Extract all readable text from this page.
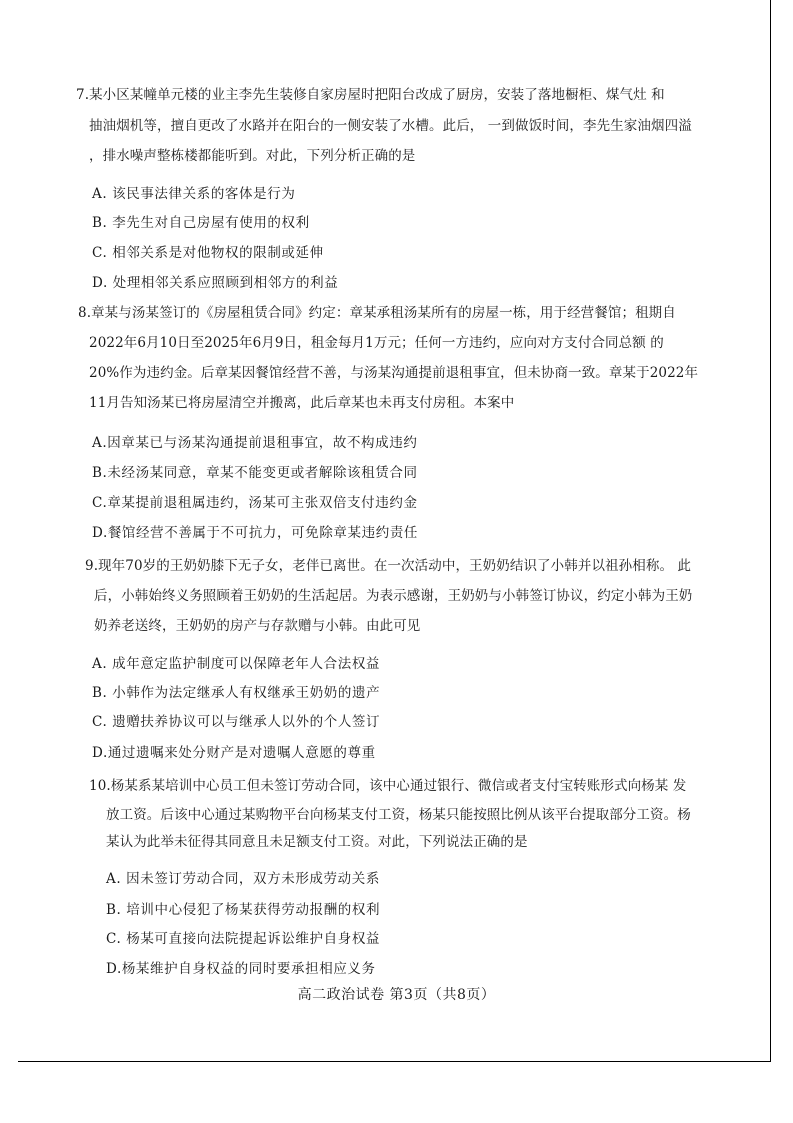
7.某小区某幢单元楼的业主李先生装修自家房屋时把阳台改成了厨房，安装了落地橱柜、煤气灶 和
抽油烟机等，擅自更改了水路并在阳台的一侧安装了水槽。此后， 一到做饭时间，李先生家油烟四溢
，排水噪声整栋楼都能听到。对此，下列分析正确的是
A. 该民事法律关系的客体是行为
B. 李先生对自己房屋有使用的权利
C. 相邻关系是对他物权的限制或延伸
D. 处理相邻关系应照顾到相邻方的利益
8.章某与汤某签订的《房屋租赁合同》约定：章某承租汤某所有的房屋一栋，用于经营餐馆；租期自
2022年6月10日至2025年6月9日，租金每月1万元；任何一方违约，应向对方支付合同总额 的
20%作为违约金。后章某因餐馆经营不善，与汤某沟通提前退租事宜，但未协商一致。章某于2022年
11月告知汤某已将房屋清空并搬离，此后章某也未再支付房租。本案中
A.因章某已与汤某沟通提前退租事宜，故不构成违约
B.未经汤某同意，章某不能变更或者解除该租赁合同
C.章某提前退租属违约，汤某可主张双倍支付违约金
D.餐馆经营不善属于不可抗力，可免除章某违约责任
9.现年70岁的王奶奶膝下无子女，老伴已离世。在一次活动中，王奶奶结识了小韩并以祖孙相称。 此
后，小韩始终义务照顾着王奶奶的生活起居。为表示感谢，王奶奶与小韩签订协议，约定小韩为王奶
奶养老送终，王奶奶的房产与存款赠与小韩。由此可见
A. 成年意定监护制度可以保障老年人合法权益
B. 小韩作为法定继承人有权继承王奶奶的遗产
C. 遗赠扶养协议可以与继承人以外的个人签订
D.通过遗嘱来处分财产是对遗嘱人意愿的尊重
10.杨某系某培训中心员工但未签订劳动合同，该中心通过银行、微信或者支付宝转账形式向杨某 发
放工资。后该中心通过某购物平台向杨某支付工资，杨某只能按照比例从该平台提取部分工资。杨
某认为此举未征得其同意且未足额支付工资。对此，下列说法正确的是
A. 因未签订劳动合同，双方未形成劳动关系
B. 培训中心侵犯了杨某获得劳动报酬的权利
C. 杨某可直接向法院提起诉讼维护自身权益
D.杨某维护自身权益的同时要承担相应义务
高二政治试卷 第3页（共8页）
